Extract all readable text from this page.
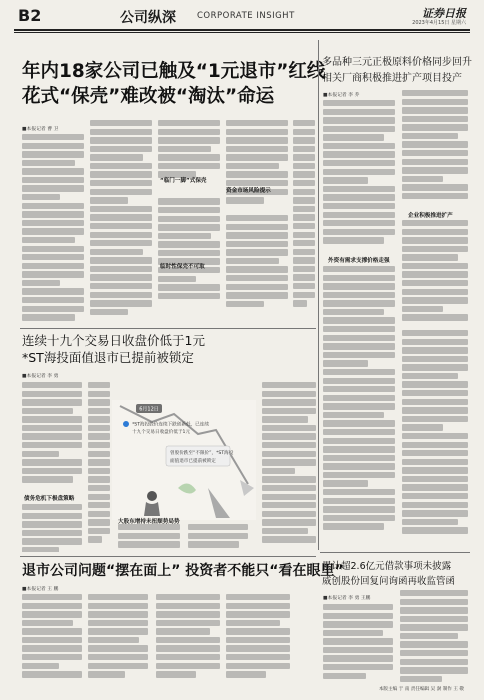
B2	公司纵深 CORPORATE INSIGHT	证券日报
2023年4月15日 星期六
年内18家公司已触及“1元退市”红线
花式“保壳”难改被“淘汰”命运
■本报记者 曹 卫
“临门一脚”式保壳
资金市场风险提示
临时性保壳不可取
多品种三元正极原料价格同步回升
相关厂商积极推进扩产项目投产
■本报记者 李 乔
企业积极推进扩产
外资有需求支撑价格走强
连续十九个交易日收盘价低于1元
*ST海投面值退市已提前被锁定
■本报记者 李 勇
债务危机下极盘策略
6月12日
*ST海投股价连续下跌创新低，已连续
十九个交易日收盘价低于1元
曾股价跌至“不限价”，*ST海投
面值退市已提前被锁定
大股东增持未扭颓势局势
累计超2.6亿元借款事项未披露
威创股份回复问询函再收监管函
■本报记者 李 勇 王鹏
退市公司问题“摆在面上” 投资者不能只“看在眼里”
■本报记者 王 鹏
本版主编 于 南 责任编辑 吴 澍 制作 王 敬
